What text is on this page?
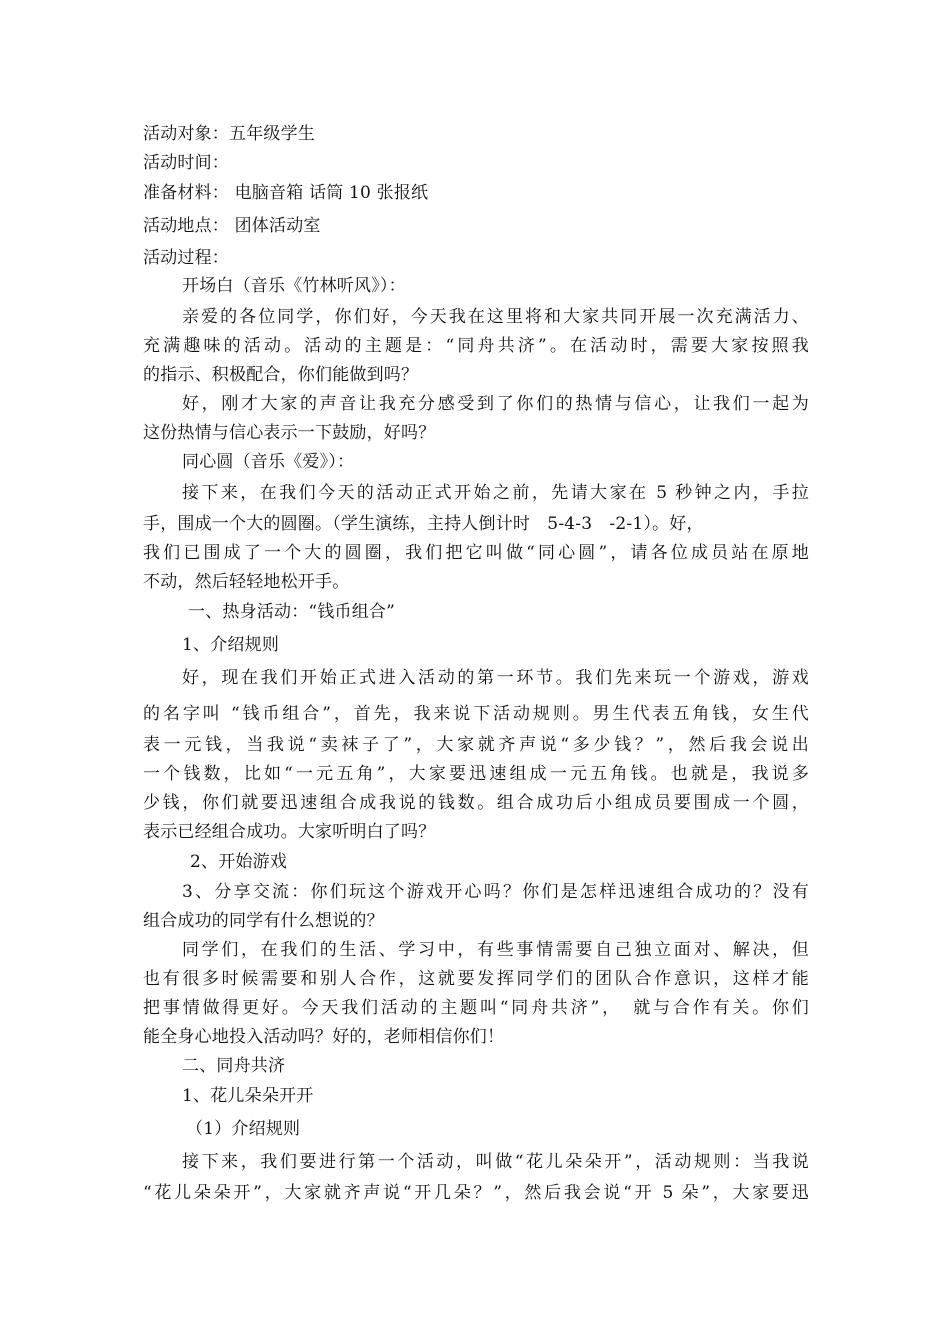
活动对象：五年级学生
活动时间：
准备材料： 电脑音箱 话筒 10 张报纸
活动地点： 团体活动室
活动过程：
开场白（音乐《竹林听风》）：
亲爱的各位同学，你们好，今天我在这里将和大家共同开展一次充满活力、
充满趣味的活动。活动的主题是：“同舟共济”。在活动时，需要大家按照我
的指示、积极配合，你们能做到吗？
好，刚才大家的声音让我充分感受到了你们的热情与信心，让我们一起为
这份热情与信心表示一下鼓励，好吗？
同心圆（音乐《爱》）：
接下来，在我们今天的活动正式开始之前，先请大家在 5 秒钟之内，手拉
手，围成一个大的圆圈。（学生演练，主持人倒计时　5-4-3　-2-1）。好，
我们已围成了一个大的圆圈，我们把它叫做“同心圆”，请各位成员站在原地
不动，然后轻轻地松开手。
一、热身活动：“钱币组合”
1、介绍规则
好，现在我们开始正式进入活动的第一环节。我们先来玩一个游戏，游戏
的名字叫 “钱币组合”，首先，我来说下活动规则。男生代表五角钱，女生代
表一元钱，当我说“卖袜子了”，大家就齐声说“多少钱？”，然后我会说出
一个钱数，比如“一元五角”，大家要迅速组成一元五角钱。也就是，我说多
少钱，你们就要迅速组合成我说的钱数。组合成功后小组成员要围成一个圆，
表示已经组合成功。大家听明白了吗？
2、开始游戏
3、分享交流：你们玩这个游戏开心吗？你们是怎样迅速组合成功的？没有
组合成功的同学有什么想说的？
同学们，在我们的生活、学习中，有些事情需要自己独立面对、解决，但
也有很多时候需要和别人合作，这就要发挥同学们的团队合作意识，这样才能
把事情做得更好。今天我们活动的主题叫“同舟共济”，　就与合作有关。你们
能全身心地投入活动吗？好的，老师相信你们！
二、同舟共济
1、花儿朵朵开开
（1）介绍规则
接下来，我们要进行第一个活动，叫做“花儿朵朵开”，活动规则：当我说
“花儿朵朵开”，大家就齐声说“开几朵？”，然后我会说“开 5 朵”，大家要迅
